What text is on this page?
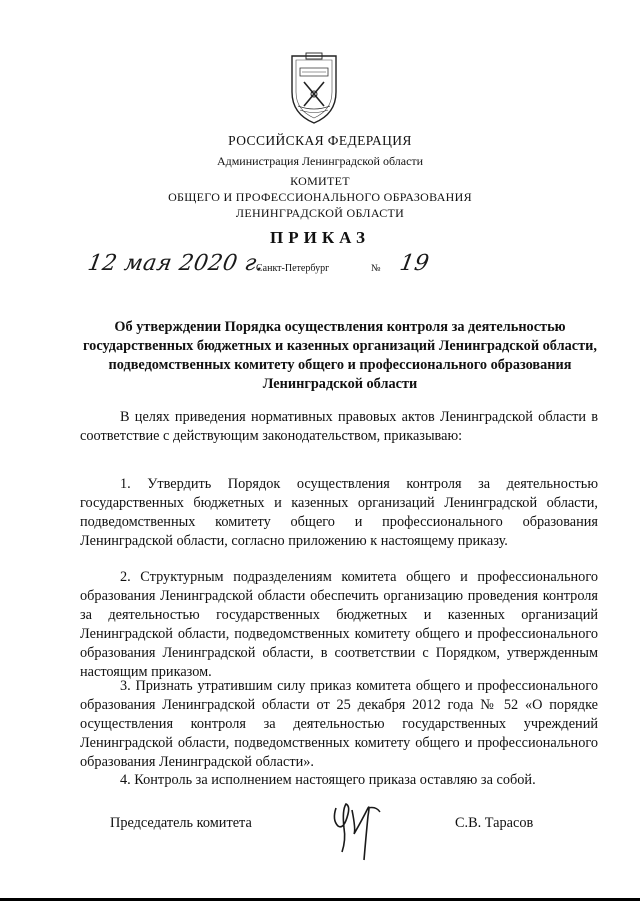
РОССИЙСКАЯ ФЕДЕРАЦИЯ
Администрация Ленинградской области
КОМИТЕТ
ОБЩЕГО И ПРОФЕССИОНАЛЬНОГО ОБРАЗОВАНИЯ
ЛЕНИНГРАДСКОЙ ОБЛАСТИ
ПРИКАЗ
12 мая 2020 г.
Санкт-Петербург	№ 19
Об утверждении Порядка осуществления контроля за деятельностью государственных бюджетных и казенных организаций Ленинградской области, подведомственных комитету общего и профессионального образования Ленинградской области
В целях приведения нормативных правовых актов Ленинградской области в соответствие с действующим законодательством, приказываю:
1. Утвердить Порядок осуществления контроля за деятельностью государственных бюджетных и казенных организаций Ленинградской области, подведомственных комитету общего и профессионального образования Ленинградской области, согласно приложению к настоящему приказу.
2. Структурным подразделениям комитета общего и профессионального образования Ленинградской области обеспечить организацию проведения контроля за деятельностью государственных бюджетных и казенных организаций Ленинградской области, подведомственных комитету общего и профессионального образования Ленинградской области, в соответствии с Порядком, утвержденным настоящим приказом.
3. Признать утратившим силу приказ комитета общего и профессионального образования Ленинградской области от 25 декабря 2012 года № 52 «О порядке осуществления контроля за деятельностью государственных учреждений Ленинградской области, подведомственных комитету общего и профессионального образования Ленинградской области».
4. Контроль за исполнением настоящего приказа оставляю за собой.
Председатель комитета	С.В. Тарасов
